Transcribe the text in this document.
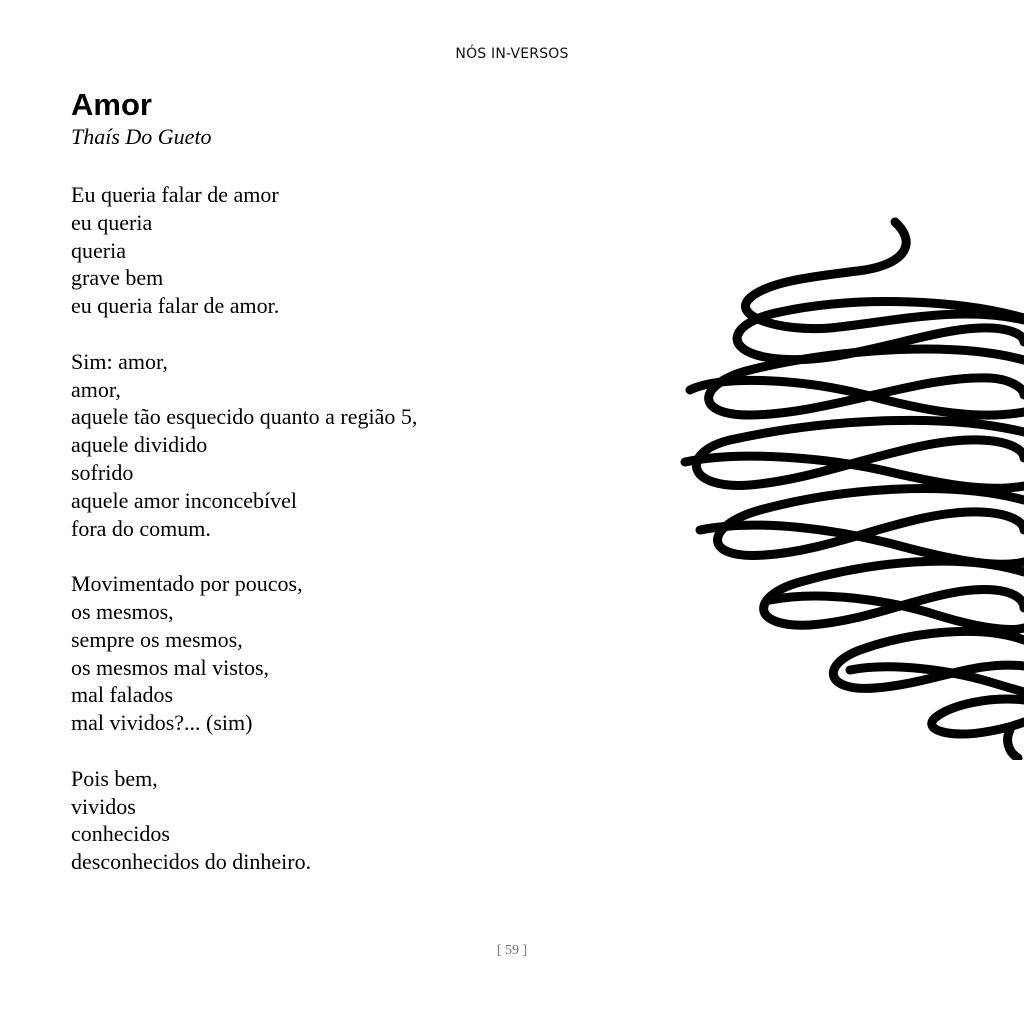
NÓS IN-VERSOS
Amor

Thaís Do Gueto

Eu queria falar de amor
eu queria
queria
grave bem
eu queria falar de amor.

Sim: amor,
amor,
aquele tão esquecido quanto a região 5,
aquele dividido
sofrido
aquele amor inconcebível
fora do comum.

Movimentado por poucos,
os mesmos,
sempre os mesmos,
os mesmos mal vistos,
mal falados
mal vividos?... (sim)

Pois bem,
vividos
conhecidos
desconhecidos do dinheiro.

[ 59 ]
